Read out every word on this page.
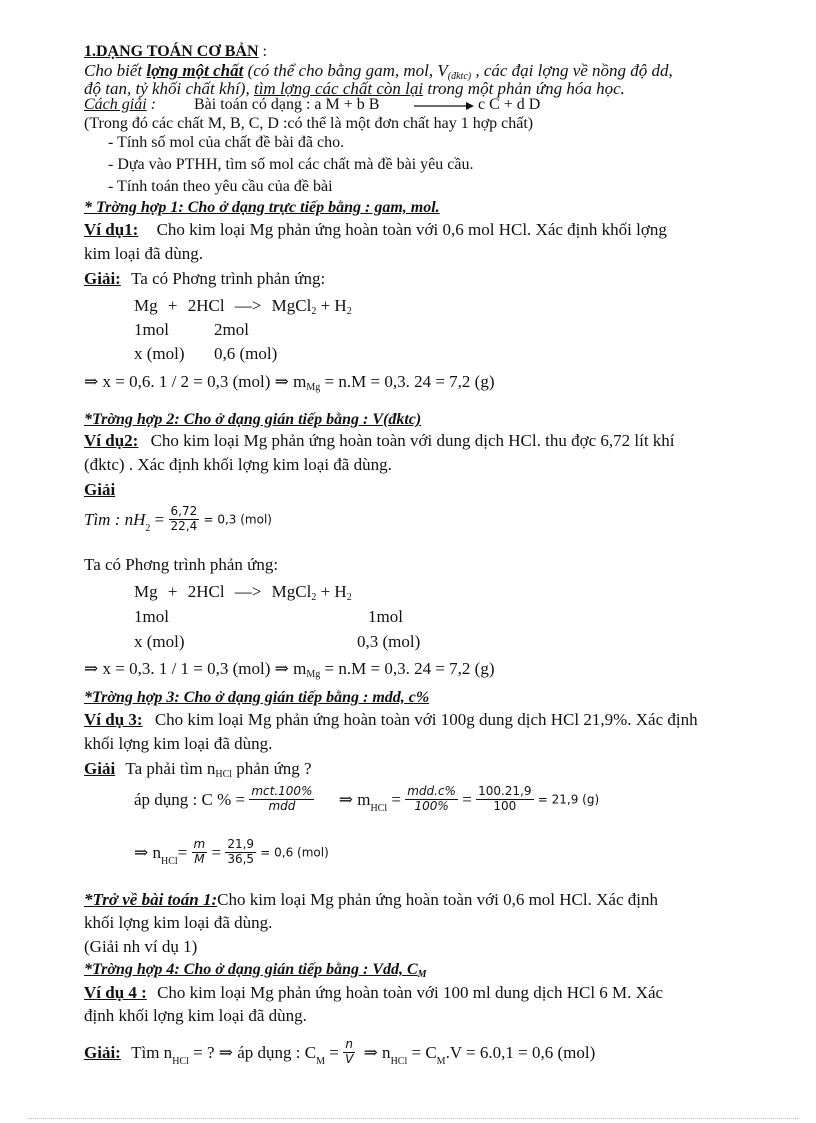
1.DẠNG TOÁN CƠ BẢN :
Cho biết lợng một chất (có thể cho bằng gam, mol, $V_{(đktc)}$ , các đại lợng về nồng độ dd,
độ tan, tỷ khối chất khí), tìm lợng các chất còn lại trong một phản ứng hóa học.
Cách giải : Bài toán có dạng : a M + b B → c C + d D
(Trong đó các chất M, B, C, D :có thể là một đơn chất hay 1 hợp chất)
- Tính số mol của chất đề bài đã cho.
- Dựa vào PTHH, tìm số mol các chất mà đề bài yêu cầu.
- Tính toán theo yêu cầu của đề bài
* Trờng hợp 1: Cho ở dạng trực tiếp bằng : gam, mol.
Ví dụ1: Cho kim loại Mg phản ứng hoàn toàn với 0,6 mol HCl. Xác định khối lợng
kim loại đã dùng.
Giải: Ta có Phơng trình phản ứng:
Mg + 2HCl —> MgCl$_2$ + $H_2$
1mol	2mol
x (mol) 0,6 (mol)
⇒ x = 0,6. 1 / 2 = 0,3 (mol) ⇒ $m_{Mg} = n.M = 0,3$. 24 = 7,2 (g)
*Trờng hợp 2: Cho ở dạng gián tiếp bằng : V(đktc)
Ví dụ2: Cho kim loại Mg phản ứng hoàn toàn với dung dịch HCl. thu đợc 6,72 lít khí
(đktc) . Xác định khối lợng kim loại đã dùng.
Giải
Tìm : $nH_2 = \frac{6,72}{22,4} = 0,3$ (mol)
Ta có Phơng trình phản ứng:
Mg + 2HCl —> MgCl$_2$ + $H_2$
1mol	1mol
x (mol)	0,3 (mol)
⇒ x = 0,3. 1 / 1 = 0,3 (mol) ⇒ $m_{Mg} = n.M = 0,3$. 24 = 7,2 (g)
*Trờng hợp 3: Cho ở dạng gián tiếp bằng : mdd, c%
Ví dụ 3: Cho kim loại Mg phản ứng hoàn toàn với 100g dung dịch HCl 21,9%. Xác định
khối lợng kim loại đã dùng.
Giải Ta phải tìm $n_{HCl}$ phản ứng ?
áp dụng : C % = $\frac{\text{mct.100\%}}{\text{mdd}}$ ⇒ $m_{HCl} = \frac{\text{mdd.c\%}}{100\%} = \frac{100.21,9}{100} = 21,9$ (g)
⇒ $n_{HCl}= \frac{m}{M} = \frac{21,9}{36,5} = 0,6$ (mol)
*Trở về bài toán 1:Cho kim loại Mg phản ứng hoàn toàn với 0,6 mol HCl. Xác định
khối lợng kim loại đã dùng.
(Giải nh ví dụ 1)
*Trờng hợp 4: Cho ở dạng gián tiếp bằng : Vdd, $C_M$
Ví dụ 4 : Cho kim loại Mg phản ứng hoàn toàn với 100 ml dung dịch HCl 6 M. Xác
định khối lợng kim loại đã dùng.
Giải: Tìm $n_{HCl}$ = ? ⇒ áp dụng : $C_M = \frac{n}{V}$ ⇒ $n_{HCl} = C_M.V = 6.0,1 = 0,6$ (mol)
